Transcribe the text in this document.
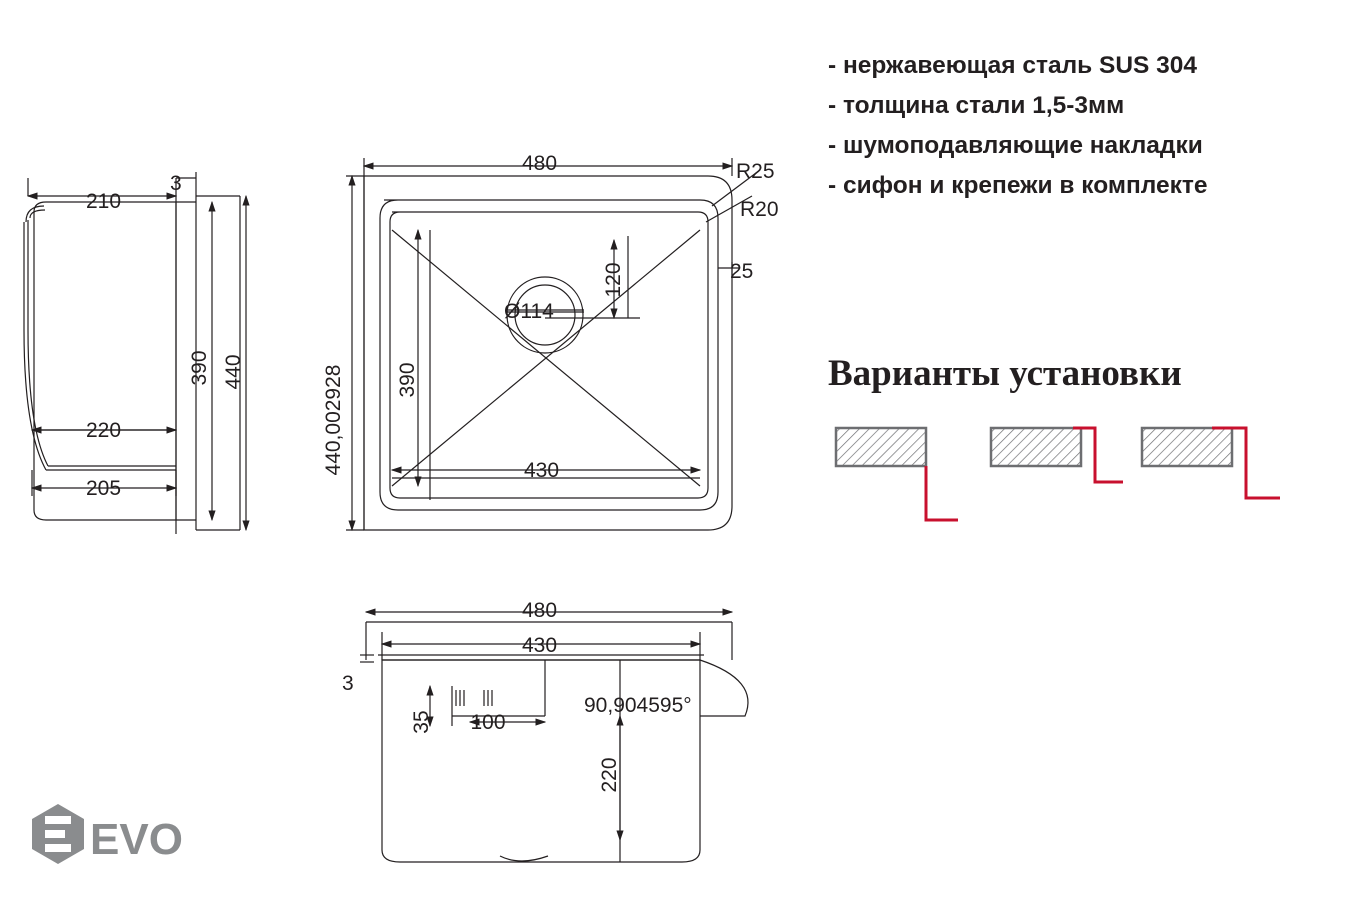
210
3
390 440
220
205
480
440,002928 390
430
120
Ø114
R25
R20
25
480
430
3
35 100
90,904595°
220
- нержавеющая сталь SUS 304
- толщина стали 1,5-3мм
- шумоподавляющие накладки
- сифон и крепежи в комплекте
Варианты установки
EVO
